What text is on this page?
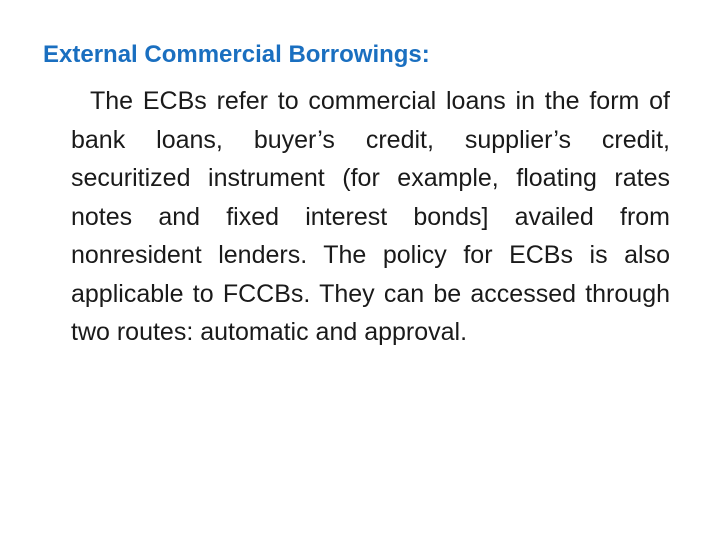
External Commercial Borrowings:

The ECBs refer to commercial loans in the form of bank loans, buyer’s credit, supplier’s credit, securitized instrument (for example, floating rates notes and fixed interest bonds] availed from nonresident lenders. The policy for ECBs is also applicable to FCCBs. They can be accessed through two routes: automatic and approval.
